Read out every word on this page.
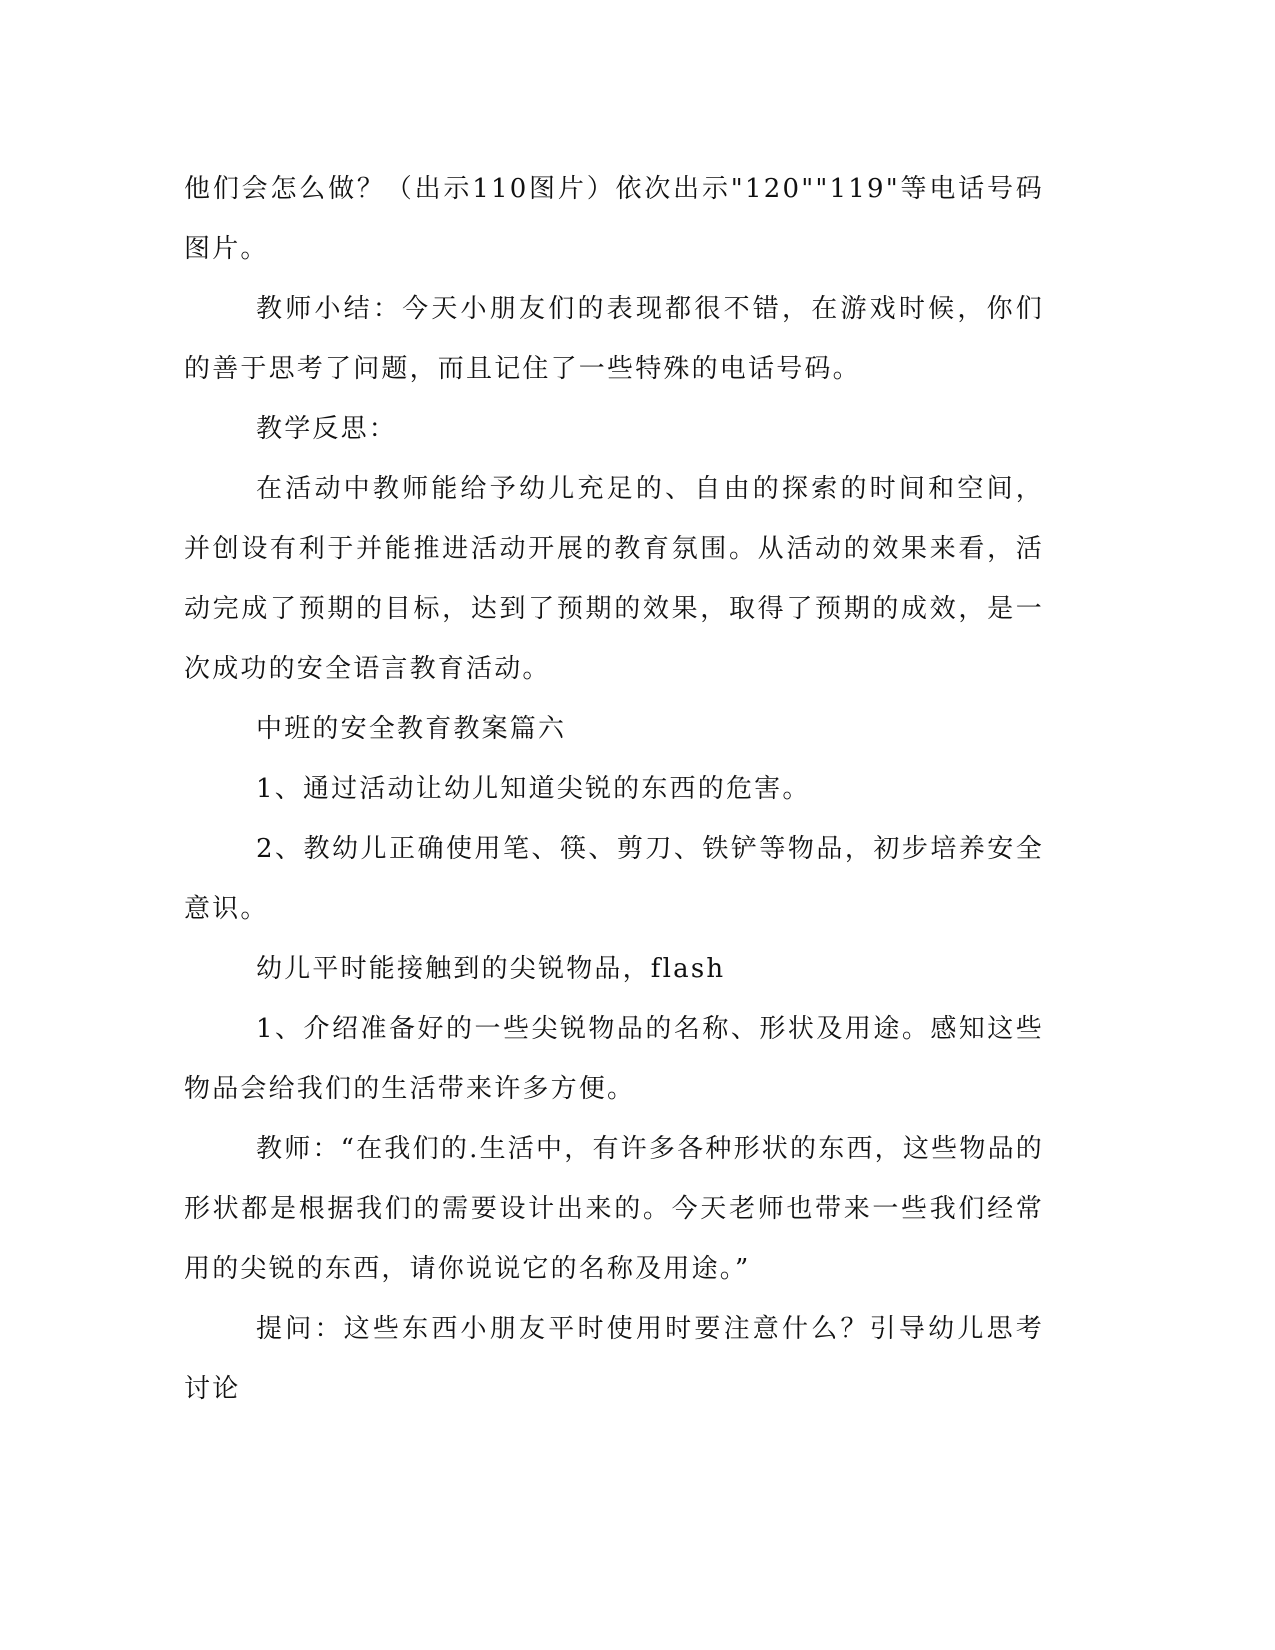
他们会怎么做？（出示110图片）依次出示"120""119"等电话号码图片。

教师小结：今天小朋友们的表现都很不错，在游戏时候，你们的善于思考了问题，而且记住了一些特殊的电话号码。

教学反思：

在活动中教师能给予幼儿充足的、自由的探索的时间和空间，并创设有利于并能推进活动开展的教育氛围。从活动的效果来看，活动完成了预期的目标，达到了预期的效果，取得了预期的成效，是一次成功的安全语言教育活动。

中班的安全教育教案篇六

1、通过活动让幼儿知道尖锐的东西的危害。

2、教幼儿正确使用笔、筷、剪刀、铁铲等物品，初步培养安全意识。

幼儿平时能接触到的尖锐物品，flash

1、介绍准备好的一些尖锐物品的名称、形状及用途。感知这些物品会给我们的生活带来许多方便。

教师：“在我们的.生活中，有许多各种形状的东西，这些物品的形状都是根据我们的需要设计出来的。今天老师也带来一些我们经常用的尖锐的东西，请你说说它的名称及用途。”

提问：这些东西小朋友平时使用时要注意什么？引导幼儿思考讨论
